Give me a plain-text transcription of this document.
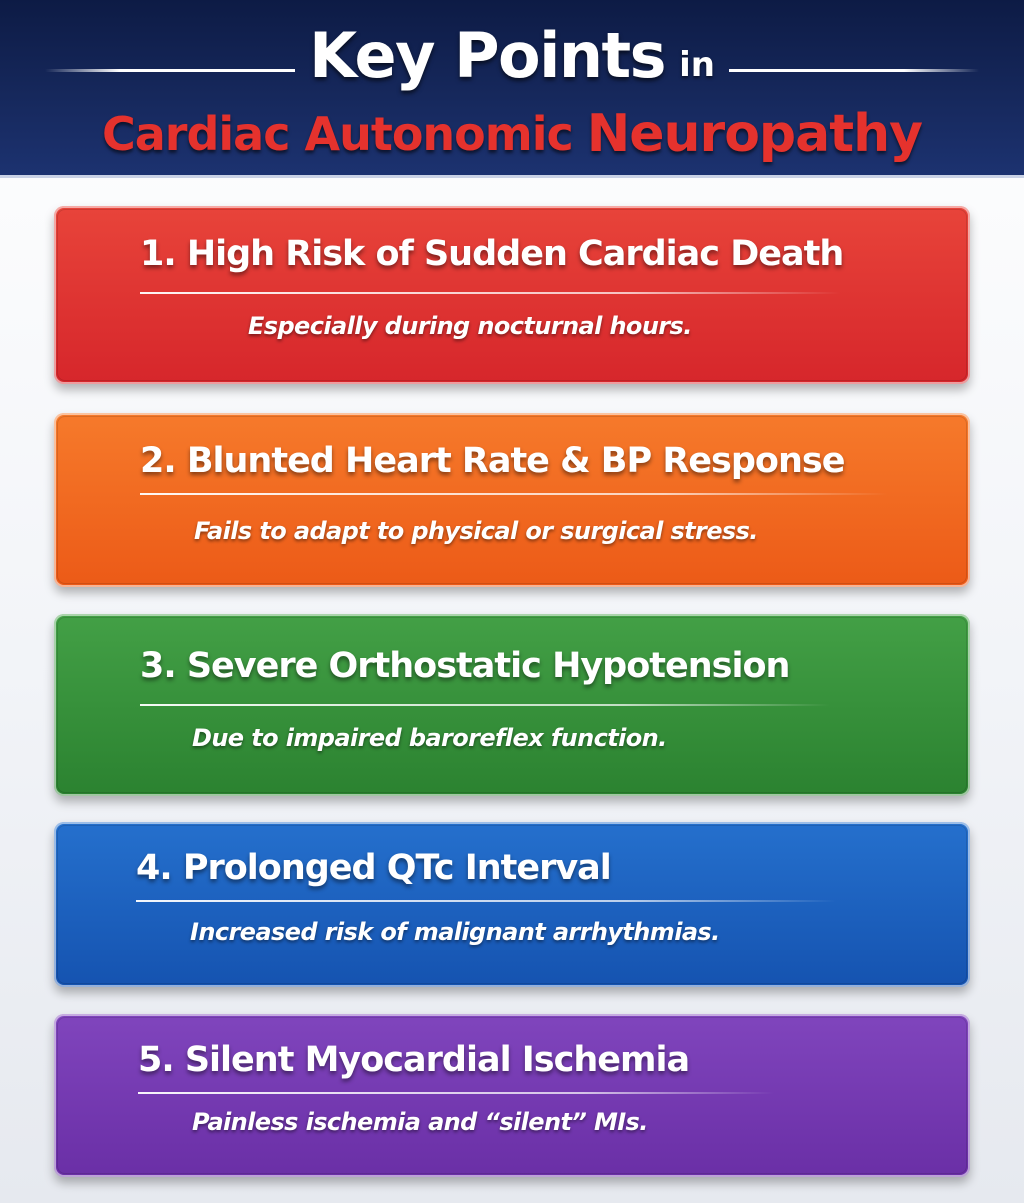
Key Points in
Cardiac Autonomic Neuropathy
1. High Risk of Sudden Cardiac Death
Especially during nocturnal hours.
2. Blunted Heart Rate & BP Response
Fails to adapt to physical or surgical stress.
3. Severe Orthostatic Hypotension
Due to impaired baroreflex function.
4. Prolonged QTc Interval
Increased risk of malignant arrhythmias.
5. Silent Myocardial Ischemia
Painless ischemia and “silent” MIs.
